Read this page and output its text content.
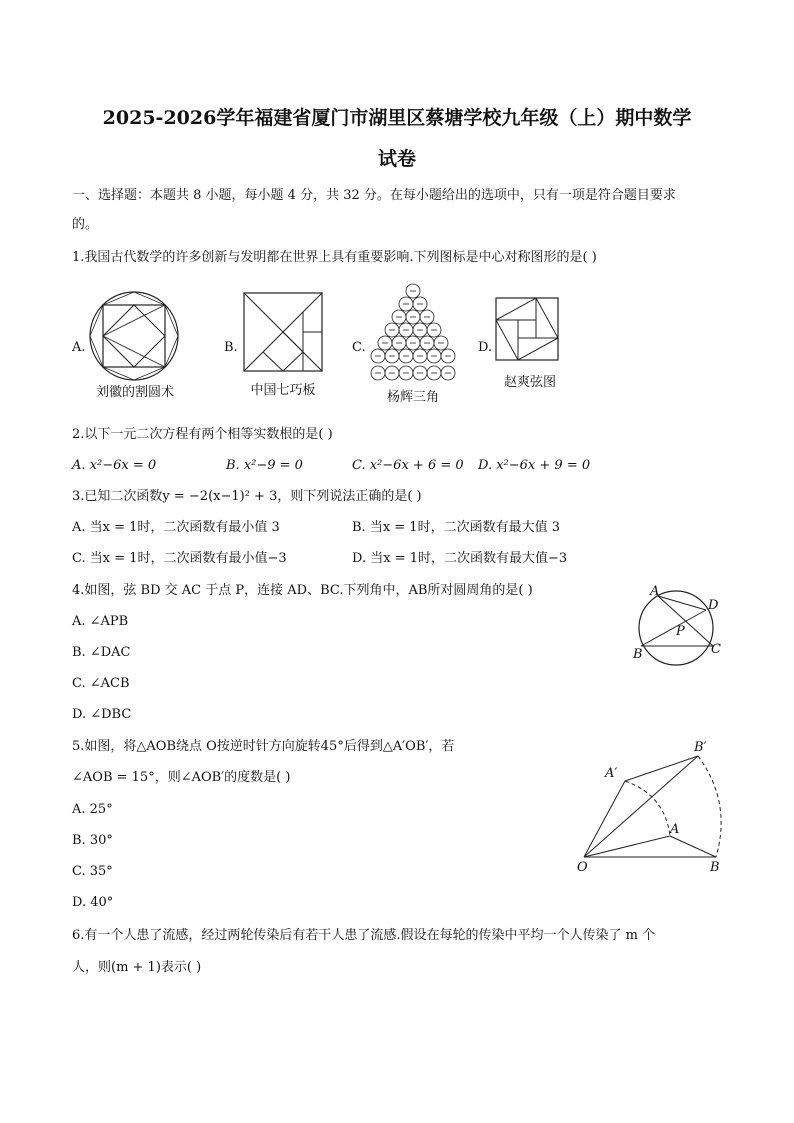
2025-2026学年福建省厦门市湖里区蔡塘学校九年级（上）期中数学
试卷
一、选择题：本题共 8 小题，每小题 4 分，共 32 分。在每小题给出的选项中，只有一项是符合题目要求
的。
1.我国古代数学的许多创新与发明都在世界上具有重要影响.下列图标是中心对称图形的是( )
A.
刘徽的割圆术
B.
中国七巧板
C.
杨辉三角
D.
赵爽弦图
2.以下一元二次方程有两个相等实数根的是( )
A. x²−6x = 0	B. x²−9 = 0	C. x²−6x + 6 = 0 D. x²−6x + 9 = 0
3.已知二次函数y = −2(x−1)² + 3，则下列说法正确的是( )
A. 当x = 1时，二次函数有最小值 3	B. 当x = 1时，二次函数有最大值 3
C. 当x = 1时，二次函数有最小值−3	D. 当x = 1时，二次函数有最大值−3
4.如图，弦 BD 交 AC 于点 P，连接 AD、BC.下列角中，AB所对圆周角的是( )
A. ∠APB
B. ∠DAC
C. ∠ACB
D. ∠DBC
A
D
P
B	C
5.如图，将△AOB绕点 O按逆时针方向旋转45°后得到△A′OB′，若
∠AOB = 15°，则∠AOB′的度数是( )
A. 25°
B. 30°
C. 35°
D. 40°
B′
A′
A
O	B
6.有一个人患了流感，经过两轮传染后有若干人患了流感.假设在每轮的传染中平均一个人传染了 m 个
人，则(m + 1)表示( )
